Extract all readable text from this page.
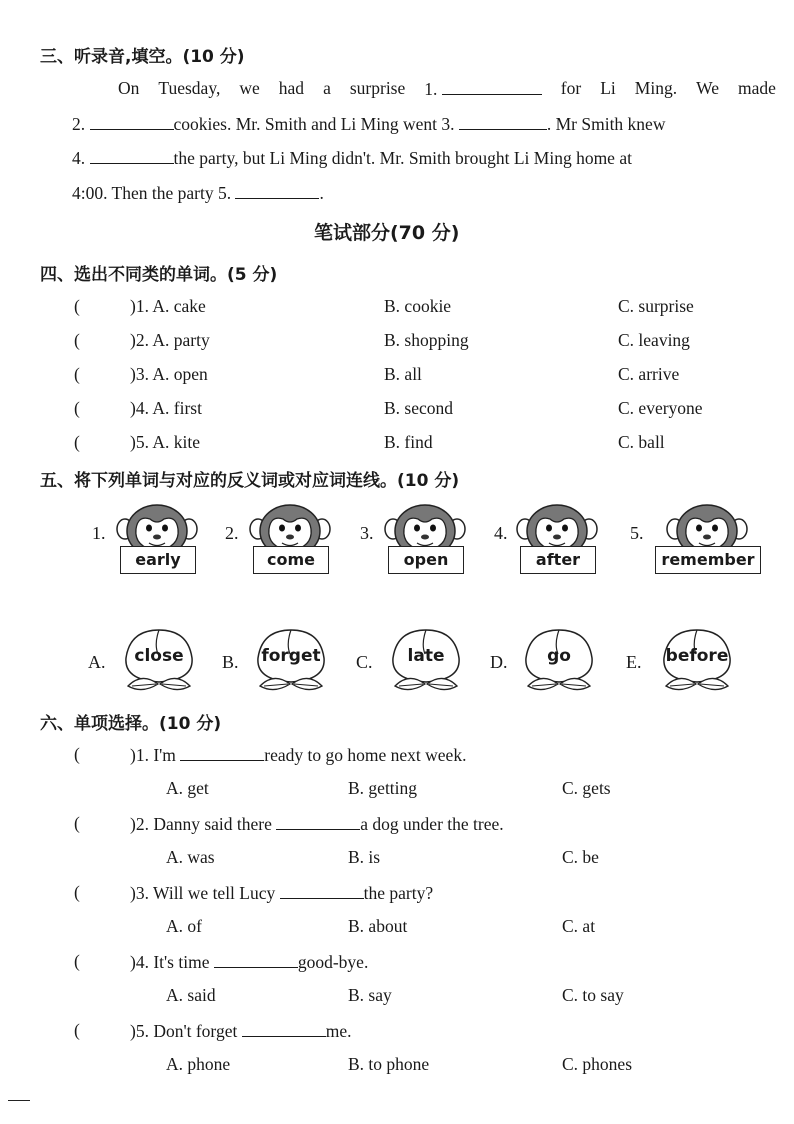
三、听录音,填空。(10 分)
On Tuesday, we had a surprise 1.	for Li Ming. We made
2.	cookies. Mr. Smith and Li Ming went 3.	. Mr Smith knew
4.	the party, but Li Ming didn't. Mr. Smith brought Li Ming home at
4:00. Then the party 5.	.
笔试部分(70 分)
四、选出不同类的单词。(5 分)
(	)1. A. cake	B. cookie	C. surprise
(	)2. A. party	B. shopping	C. leaving
(	)3. A. open	B. all	C. arrive
(	)4. A. first	B. second	C. everyone
(	)5. A. kite	B. find	C. ball
五、将下列单词与对应的反义词或对应词连线。(10 分)
1.
early
2.
come
3.
open
4.
after
5.
remember
A.	close	B.	forget	C.	late	D.	go	E.	before
六、单项选择。(10 分)
(	)1. I'm	ready to go home next week.
A. get	B. getting	C. gets
(	)2. Danny said there	a dog under the tree.
A. was	B. is	C. be
(	)3. Will we tell Lucy	the party?
A. of	B. about	C. at
(	)4. It's time	good-bye.
A. said	B. say	C. to say
(	)5. Don't forget	me.
A. phone	B. to phone	C. phones
